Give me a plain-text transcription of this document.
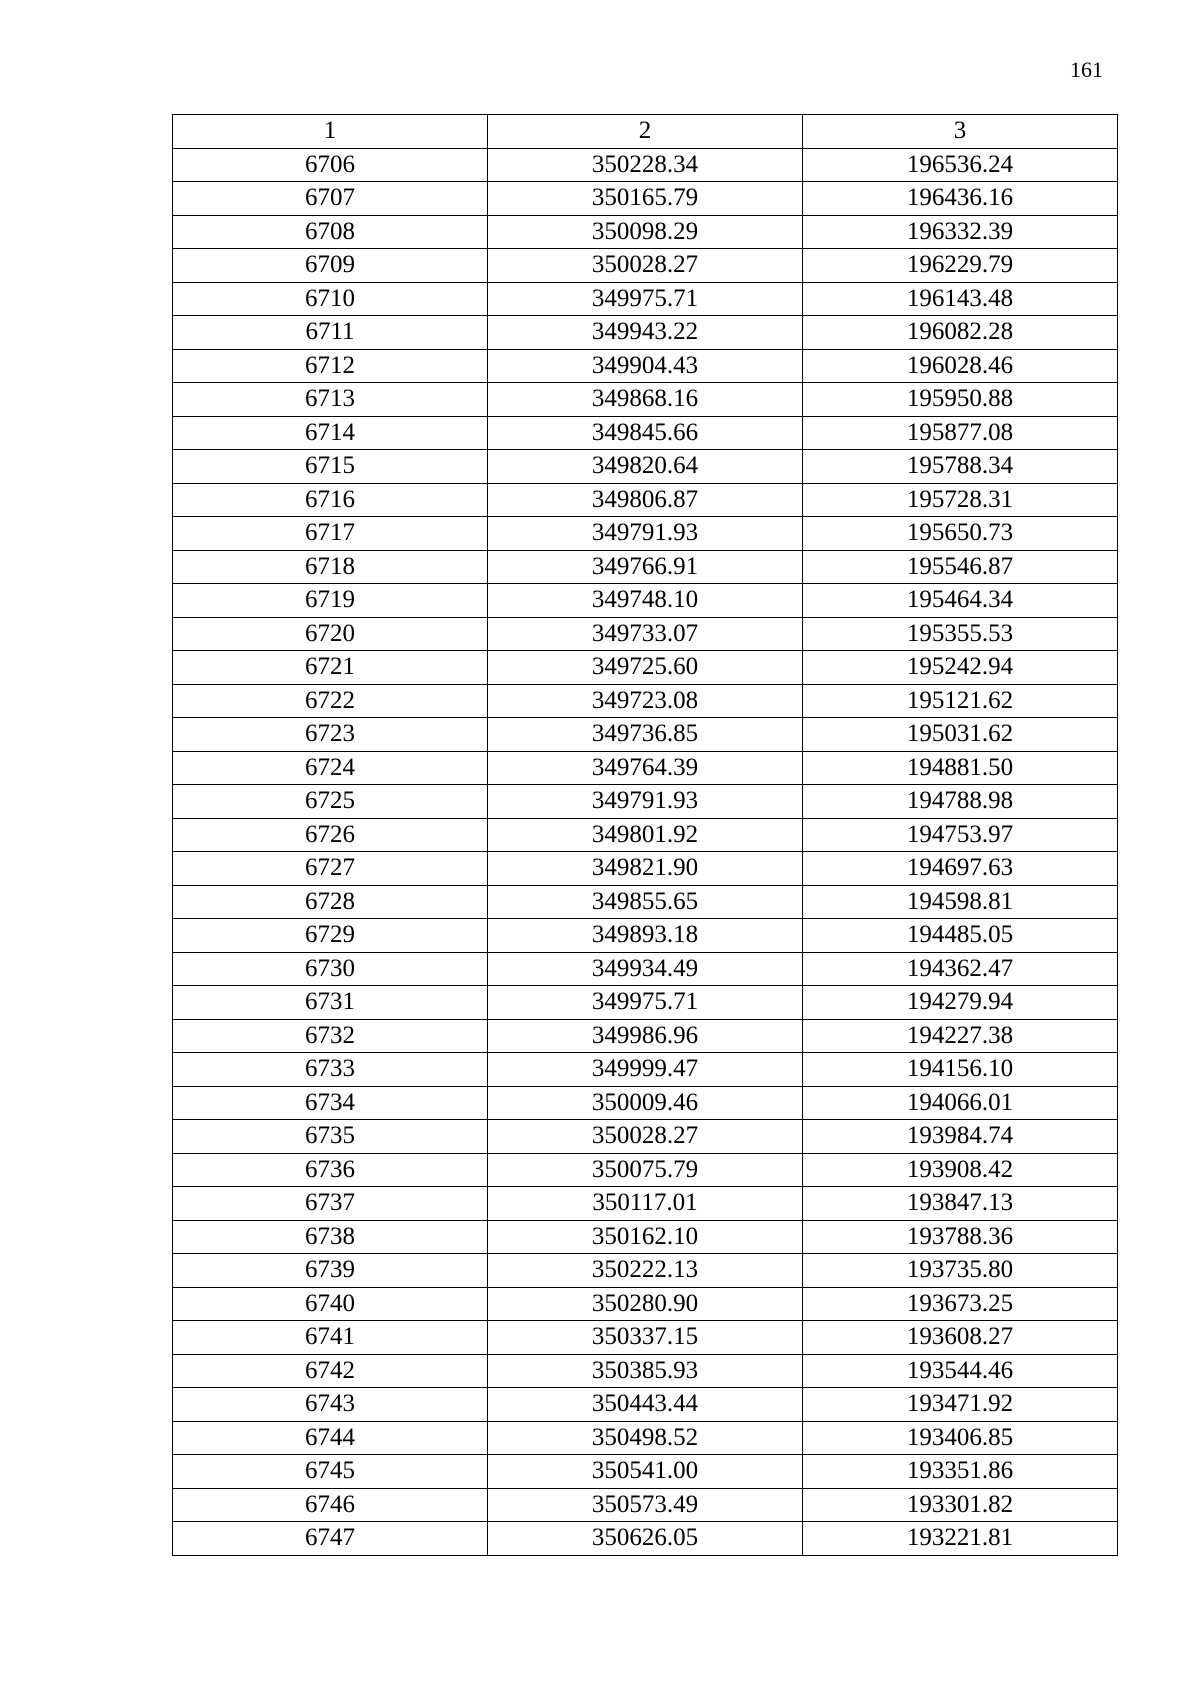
161
1	2	3
6706	350228.34	196536.24
6707	350165.79	196436.16
6708	350098.29	196332.39
6709	350028.27	196229.79
6710	349975.71	196143.48
6711	349943.22	196082.28
6712	349904.43	196028.46
6713	349868.16	195950.88
6714	349845.66	195877.08
6715	349820.64	195788.34
6716	349806.87	195728.31
6717	349791.93	195650.73
6718	349766.91	195546.87
6719	349748.10	195464.34
6720	349733.07	195355.53
6721	349725.60	195242.94
6722	349723.08	195121.62
6723	349736.85	195031.62
6724	349764.39	194881.50
6725	349791.93	194788.98
6726	349801.92	194753.97
6727	349821.90	194697.63
6728	349855.65	194598.81
6729	349893.18	194485.05
6730	349934.49	194362.47
6731	349975.71	194279.94
6732	349986.96	194227.38
6733	349999.47	194156.10
6734	350009.46	194066.01
6735	350028.27	193984.74
6736	350075.79	193908.42
6737	350117.01	193847.13
6738	350162.10	193788.36
6739	350222.13	193735.80
6740	350280.90	193673.25
6741	350337.15	193608.27
6742	350385.93	193544.46
6743	350443.44	193471.92
6744	350498.52	193406.85
6745	350541.00	193351.86
6746	350573.49	193301.82
6747	350626.05	193221.81
